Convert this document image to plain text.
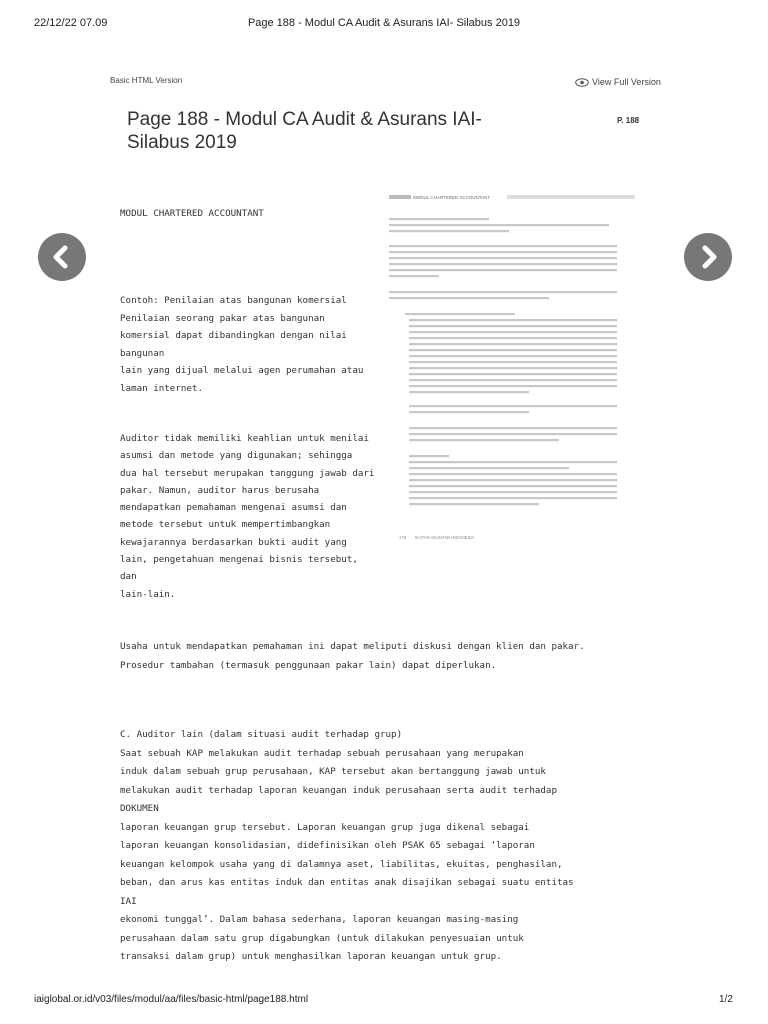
22/12/22 07.09	Page 188 - Modul CA Audit & Asurans IAI- Silabus 2019
Basic HTML Version	View Full Version
Page 188 - Modul CA Audit & Asurans IAI-
Silabus 2019
P. 188
MODUL CHARTERED ACCOUNTANT
Contoh: Penilaian atas bangunan komersial
Penilaian seorang pakar atas bangunan
komersial dapat dibandingkan dengan nilai
bangunan
lain yang dijual melalui agen perumahan atau
laman internet.
Auditor tidak memiliki keahlian untuk menilai
asumsi dan metode yang digunakan; sehingga
dua hal tersebut merupakan tanggung jawab dari
pakar. Namun, auditor harus berusaha
mendapatkan pemahaman mengenai asumsi dan
metode tersebut untuk mempertimbangkan
kewajarannya berdasarkan bukti audit yang
lain, pengetahuan mengenai bisnis tersebut,
dan
lain-lain.
Usaha untuk mendapatkan pemahaman ini dapat meliputi diskusi dengan klien dan pakar.
Prosedur tambahan (termasuk penggunaan pakar lain) dapat diperlukan.
C. Auditor lain (dalam situasi audit terhadap grup)
Saat sebuah KAP melakukan audit terhadap sebuah perusahaan yang merupakan
induk dalam sebuah grup perusahaan, KAP tersebut akan bertanggung jawab untuk
melakukan audit terhadap laporan keuangan induk perusahaan serta audit terhadap
DOKUMEN
laporan keuangan grup tersebut. Laporan keuangan grup juga dikenal sebagai
laporan keuangan konsolidasian, didefinisikan oleh PSAK 65 sebagai ‘laporan
keuangan kelompok usaha yang di dalamnya aset, liabilitas, ekuitas, penghasilan,
beban, dan arus kas entitas induk dan entitas anak disajikan sebagai suatu entitas
IAI
ekonomi tunggal’. Dalam bahasa sederhana, laporan keuangan masing-masing
perusahaan dalam satu grup digabungkan (untuk dilakukan penyesuaian untuk
transaksi dalam grup) untuk menghasilkan laporan keuangan untuk grup.
MODUL CHARTERED ACCOUNTANT
178 IKATAN AKUNTAN INDONESIA
iaiglobal.or.id/v03/files/modul/aa/files/basic-html/page188.html	1/2
